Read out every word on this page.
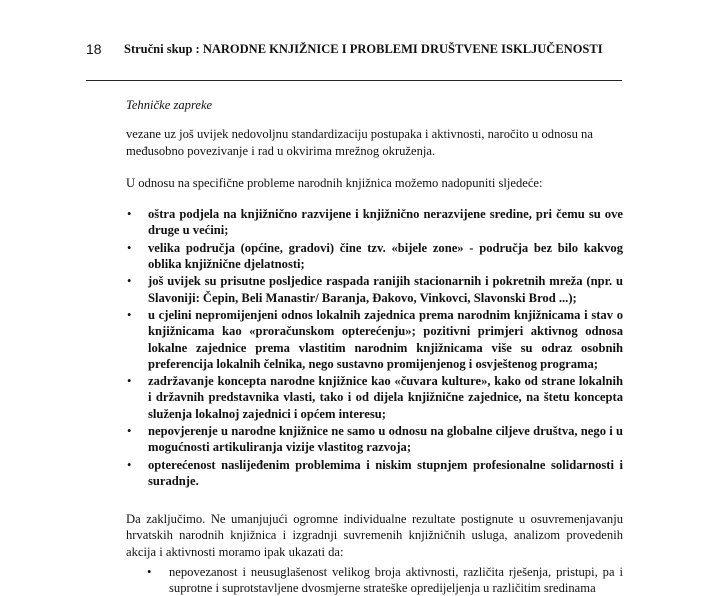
18 Stručni skup : NARODNE KNJIŽNICE I PROBLEMI DRUŠTVENE ISKLJUČENOSTI

Tehničke zapreke

vezane uz još uvijek nedovoljnu standardizaciju postupaka i aktivnosti, naročito u odnosu na međusobno povezivanje i rad u okvirima mrežnog okruženja.

U odnosu na specifične probleme narodnih knjižnica možemo nadopuniti sljedeće:

• oštra podjela na knjižnično razvijene i knjižnično nerazvijene sredine, pri čemu su ove druge u većini;
• velika područja (općine, gradovi) čine tzv. «bijele zone» - područja bez bilo kakvog oblika knjižnične djelatnosti;
• još uvijek su prisutne posljedice raspada ranijih stacionarnih i pokretnih mreža (npr. u Slavoniji: Čepin, Beli Manastir/ Baranja, Đakovo, Vinkovci, Slavonski Brod ...);
• u cjelini nepromijenjeni odnos lokalnih zajednica prema narodnim knjižnicama i stav o knjižnicama kao «proračunskom opterećenju»; pozitivni primjeri aktivnog odnosa lokalne zajednice prema vlastitim narodnim knjižnicama više su odraz osobnih preferencija lokalnih čelnika, nego sustavno promijenjenog i osvještenog programa;
• zadržavanje koncepta narodne knjižnice kao «čuvara kulture», kako od strane lokalnih i državnih predstavnika vlasti, tako i od dijela knjižnične zajednice, na štetu koncepta služenja lokalnoj zajednici i općem interesu;
• nepovjerenje u narodne knjižnice ne samo u odnosu na globalne ciljeve društva, nego i u mogućnosti artikuliranja vizije vlastitog razvoja;
• opterećenost naslijeđenim problemima i niskim stupnjem profesionalne solidarnosti i suradnje.

Da zaključimo. Ne umanjujući ogromne individualne rezultate postignute u osuvremenjavanju hrvatskih narodnih knjižnica i izgradnji suvremenih knjižničnih usluga, analizom provedenih akcija i aktivnosti moramo ipak ukazati da:

• nepovezanost i neusuglašenost velikog broja aktivnosti, različita rješenja, pristupi, pa i suprotne i suprotstavljene dvosmjerne strateške opredijeljenja u različitim sredinama
